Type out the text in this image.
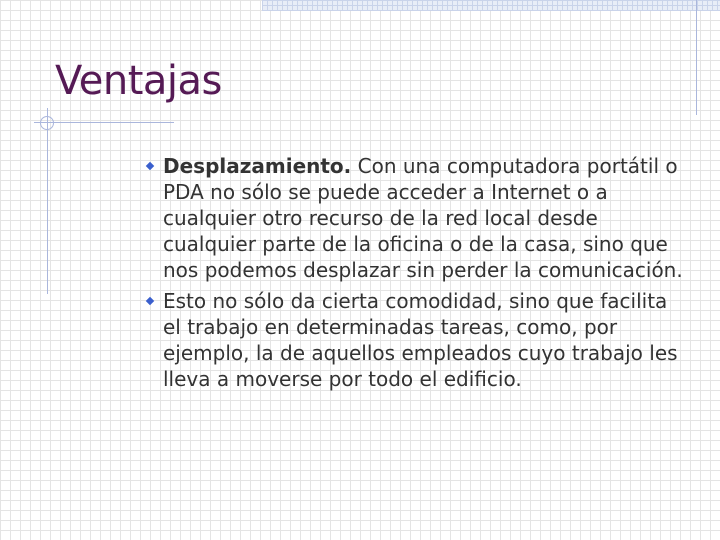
Ventajas
Desplazamiento. Con una computadora portátil o PDA no sólo se puede acceder a Internet o a cualquier otro recurso de la red local desde cualquier parte de la oficina o de la casa, sino que nos podemos desplazar sin perder la comunicación.
Esto no sólo da cierta comodidad, sino que facilita el trabajo en determinadas tareas, como, por ejemplo, la de aquellos empleados cuyo trabajo les lleva a moverse por todo el edificio.
